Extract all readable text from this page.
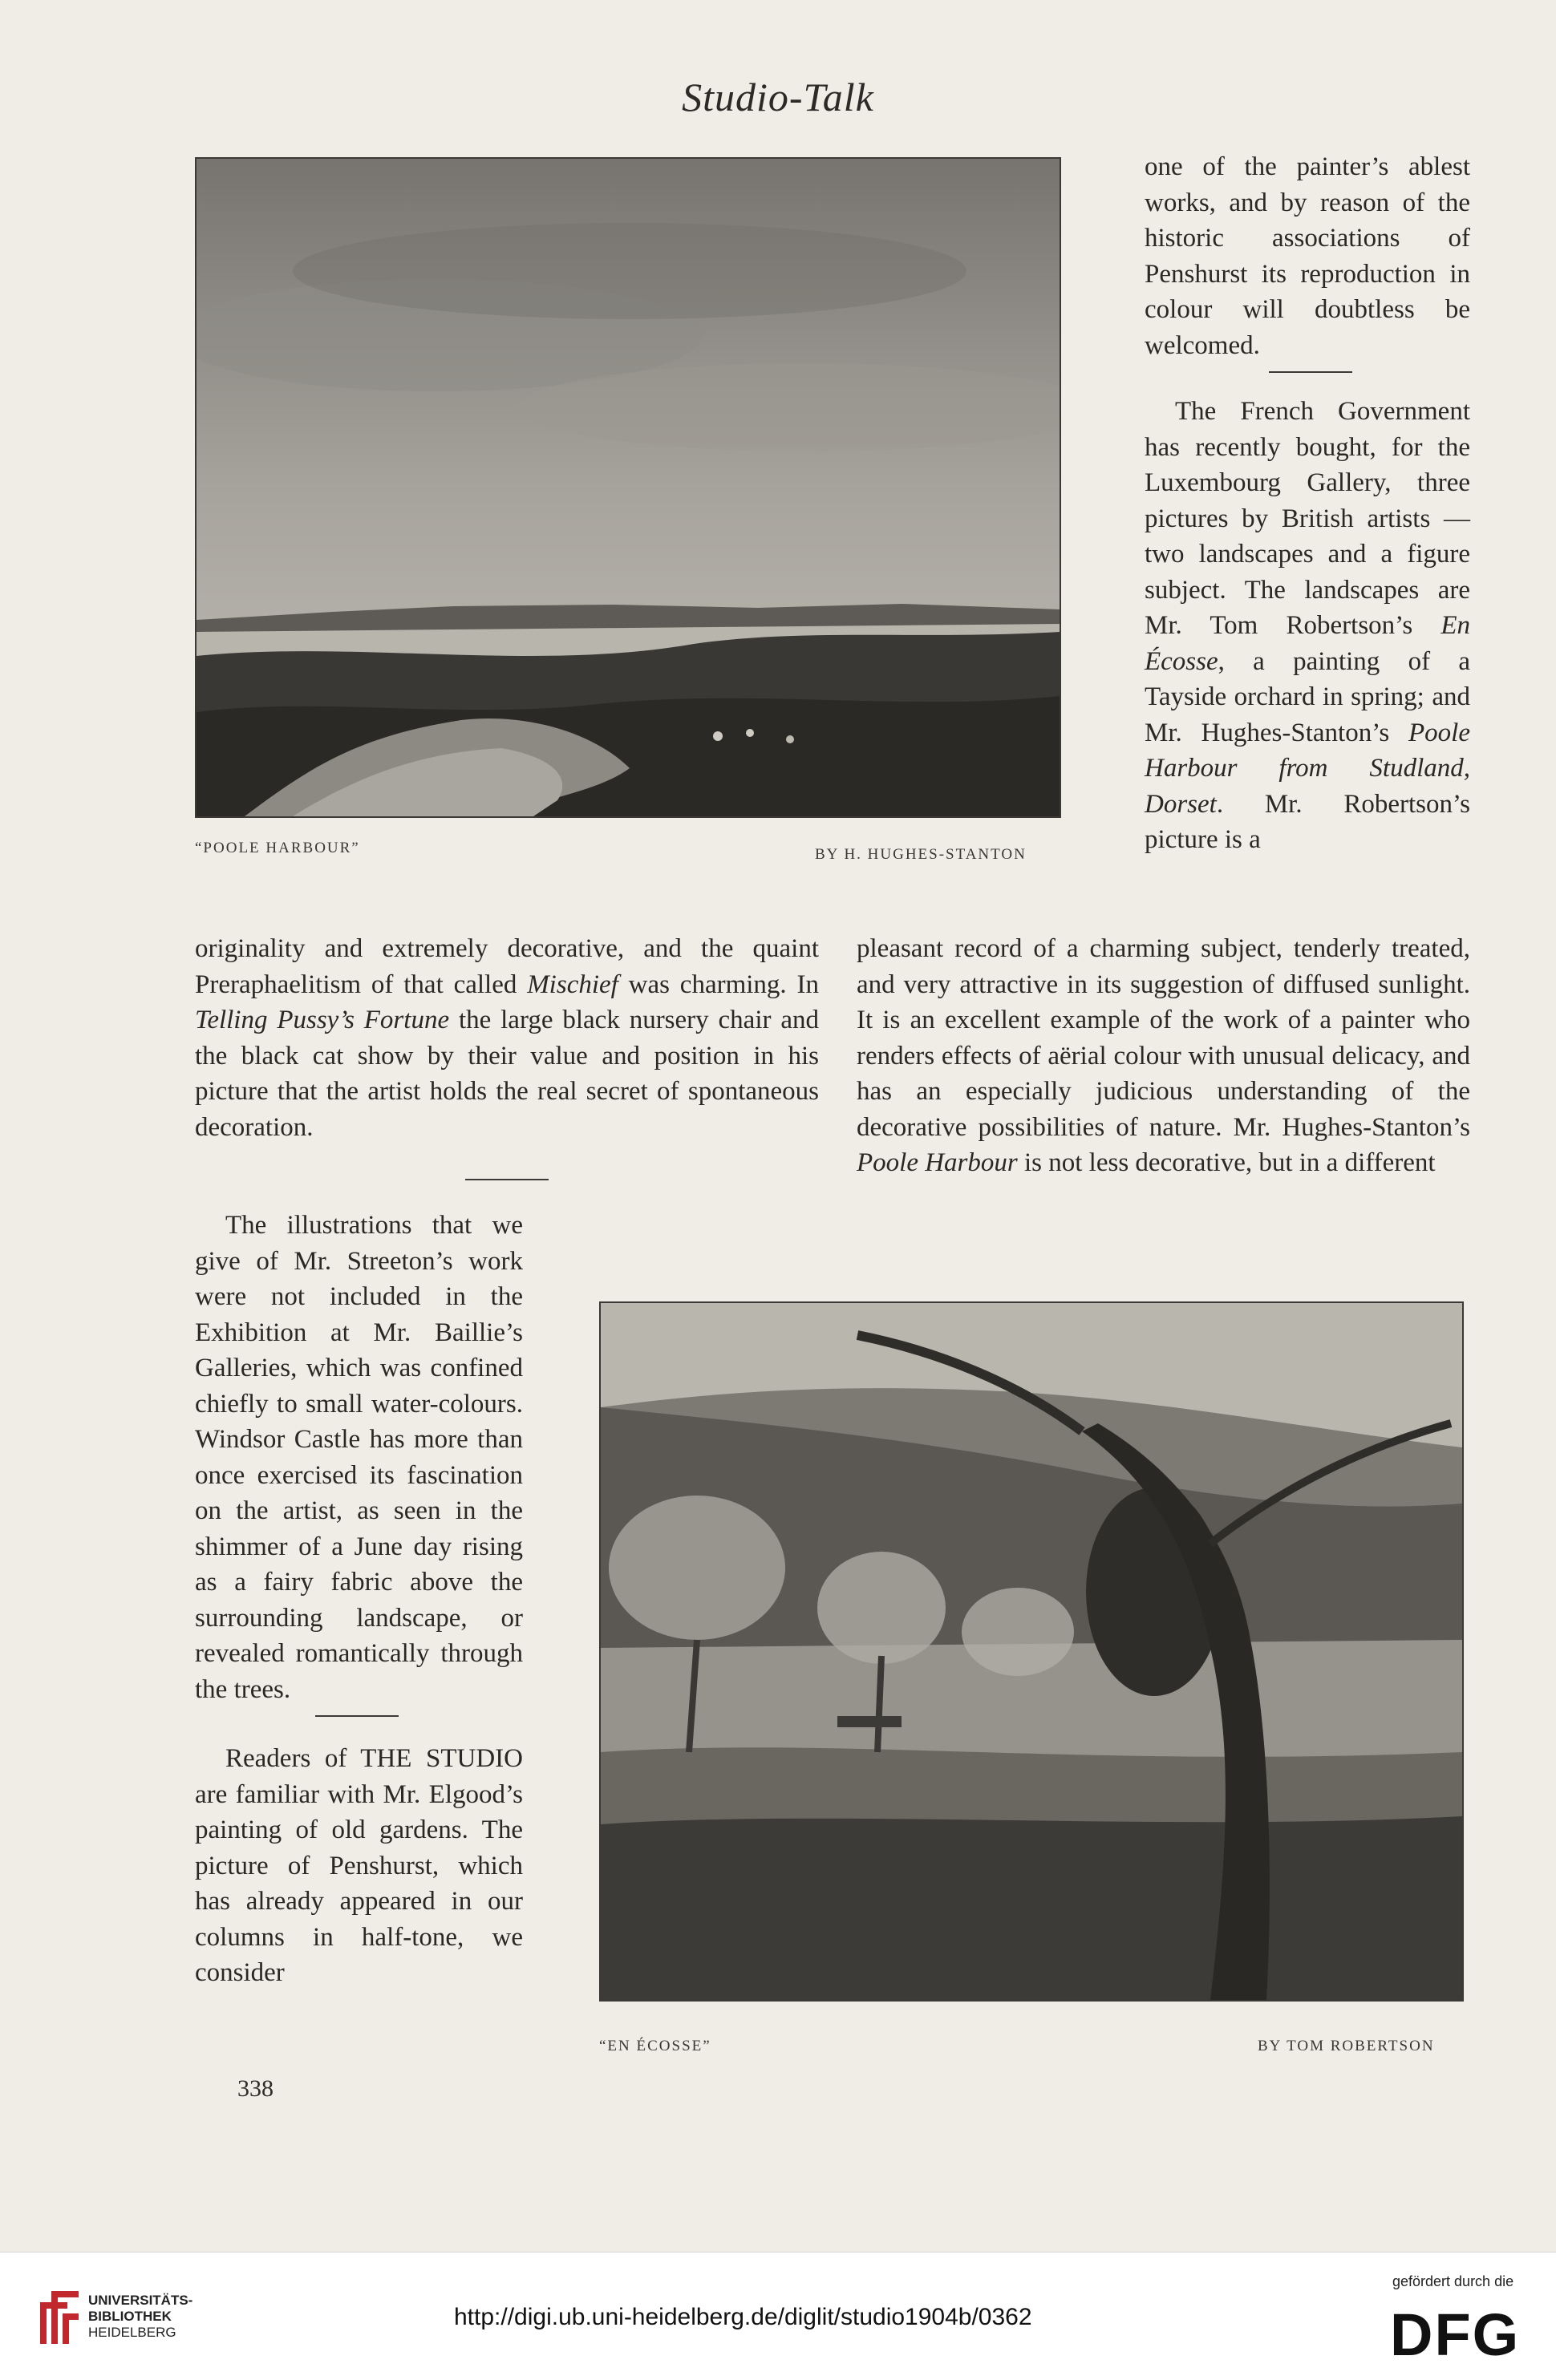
Studio-Talk
“POOLE HARBOUR”	BY H. HUGHES-STANTON

one of the painter’s ablest works, and by reason of the historic associations of Penshurst its reproduction in colour will doubtless be welcomed.

The French Government has recently bought, for the Luxembourg Gallery, three pictures by British artists — two landscapes and a figure subject. The landscapes are Mr. Tom Robertson’s En Écosse, a painting of a Tayside orchard in spring; and Mr. Hughes-Stanton’s Poole Harbour from Studland, Dorset. Mr. Robertson’s picture is a

originality and extremely decorative, and the quaint Preraphaelitism of that called Mischief was charming. In Telling Pussy’s Fortune the large black nursery chair and the black cat show by their value and position in his picture that the artist holds the real secret of spontaneous decoration.

pleasant record of a charming subject, tenderly treated, and very attractive in its suggestion of diffused sunlight. It is an excellent example of the work of a painter who renders effects of aërial colour with unusual delicacy, and has an especially judicious understanding of the decorative possibilities of nature. Mr. Hughes-Stanton’s Poole Harbour is not less decorative, but in a different

The illustrations that we give of Mr. Streeton’s work were not included in the Exhibition at Mr. Baillie’s Galleries, which was confined chiefly to small water-colours. Windsor Castle has more than once exercised its fascination on the artist, as seen in the shimmer of a June day rising as a fairy fabric above the surrounding landscape, or revealed romantically through the trees.

Readers of THE STUDIO are familiar with Mr. Elgood’s painting of old gardens. The picture of Penshurst, which has already appeared in our columns in half-tone, we consider

“EN ÉCOSSE”	BY TOM ROBERTSON
338
UNIVERSITÄTS-
BIBLIOTHEK
HEIDELBERG
http://digi.ub.uni-heidelberg.de/diglit/studio1904b/0362
gefördert durch die
DFG
